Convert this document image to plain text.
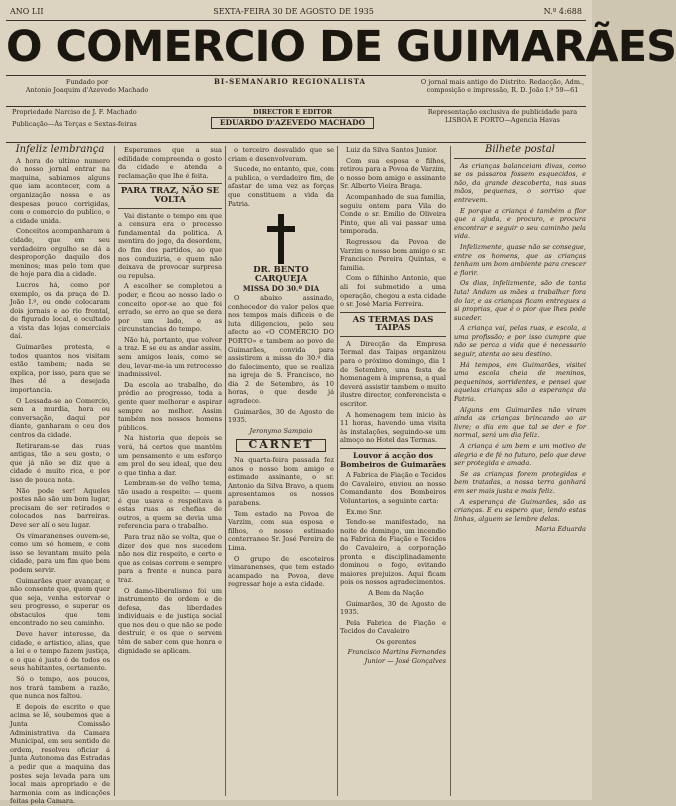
ANO LII	SEXTA-FEIRA 30 DE AGOSTO DE 1935	N.º 4:688
O COMERCIO DE GUIMARÃES
Fundado por
Antonio Joaquim d'Azevedo Machado
BI-SEMANARIO REGIONALISTA	O jornal mais antigo do Distrito. Redacção, Adm., composição e impressão, R. D. João I.º 59—61
Propriedade Narciso de J. F. Machado
Publicação—Às Terças e Sextas-feiras
DIRECTOR E EDITOR
EDUARDO D'AZEVEDO MACHADO
Representação exclusiva de publicidade para LISBOA E PORTO—Agencia Havas
Infeliz lembrança

A hora do ultimo numero do nosso jornal entrar na maquina, sabiamos alguns que iam acontecer, com a organização nossa e as despesas pouco corrigidas, com o comercio do publico, e a cidade unida.

Conceitos acompanharam a cidade, que em seu verdadeiro orgulho se dá a desproporção daquilo dos meninos; mas pelo tom que de hoje para dia a cidade.

Lucros há, como por exemplo, os da praça de D. João I.º, ou onde colocaram dois jornais e ao rio frontal, de figurado local, e ocultado a vista das lojas comerciais daí.

Guimarães protesta, e todos quantos nos visitam estão tambem; nada se explica, por isso, para que se lhes dê a desejada importancia.

O Lessada-se ao Comercio, sem a murdia, hora ou conversação, daqui por diante, ganharam o ceu dos centros da cidade.

Retiraram-se das ruas antigas, tão a seu gosto, o que já não se diz que a cidade é muito rica, e por isso de pouca nota.

Não pode ser! Aqueles postes não são um bom lugar, precisam de ser retirados e colocados nas barreiras. Deve ser alí o seu lugar.

Os vimaranenses ouvem-se, como um só homem, e com isso se levantam muito pela cidade, para um fim que bem podem servir.

Guimarães quer avançar, e não consente que, quem quer que seja, venha estorvar o seu progresso, e superar os obstaculos que tem encontrado no seu caminho.

Deve haver interesse, da cidade, e artistico, alias, que a lei e o tempo fazem justiça, e o que é justo é de todos os seus habitantes, certamente.

Só o tempo, aos poucos, nos trará tambem a razão, que nunca nos faltou.

E depois de escrito o que acima se lê, soubemos que a Junta Comissão Administrativa da Camara Municipal, em seu sentido de ordem, resolveu oficiar á Junta Autonoma das Estradas a pedir que a maquina das postes seja levada para um local mais apropriado e de harmonia com as indicações feitas pela Camara.

Esperamos que a sua edilidade compreenda o gosto da cidade e atenda a reclamação que lhe é feita.

PARA TRAZ, NÃO SE VOLTA

Vai distante o tempo em que a censura era o processo fundamental da politica. A mentira do jogo, da desordem, do fim dos partidos, ao que nos conduziria, e quem não deixava de provocar surpresa ou repulsa.

A escolher se completou a poder, e ficou ao nosso lado o conceito opor-se ao que foi errado, se erro ao que se dera por um lado, e as circunstancias do tempo.

Não há, portanto, que volver a traz. E se eu as andar assim, sem amigos leais, como se deu, levar-me-ia um retrocesso inadmissivel.

Da escola ao trabalho, do prédio ao progresso, toda a gente quer melhorar e aspirar sempre ao melhor. Assim também nos nossos homens públicos.

Na historia que depois se verá, há certos que mantêm um pensamento e um esforço em prol do seu ideal, que deu o que tinha a dar.

Lembram-se do velho tema, tão usado a respeito: — quem é que usava e respeitava a estas ruas as chefias de outros, a quem se devia uma referencia para o trabalho.

Para traz não se volta, que o dizer dos que nos sucedem não nos diz respeito, e certo e que as coisas correm e sempre para a frente e nunca para traz.

O damo-liberalismo foi um instrumento de ordem e de defesa, das liberdades individuais e de justiça social que nos deu o que não se pode destruir, e os que o servem têm de saber com que honra e dignidade se aplicam.

o terceiro desvalido que se criam e desenvolveram.

Sucede, no entanto, que, com a publica, o verdadeiro fim, de afastar de uma vez as forças que constituem a vida da Patria.

DR. BENTO CARQUEJA
MISSA DO 30.º DIA

O abaixo assinado, conhecedor do valor pelos que nos tempos mais dificeis e de luta diligenciou, pelo seu afecto ao «O COMERCIO DO PORTO» e tambem ao povo de Guimarães, convida para assistirem a missa do 30.º dia do falecimento, que se realiza na igreja de S. Francisco, no dia 2 de Setembro, ás 10 horas, o que desde já agradece.

Guimarães, 30 de Agosto de 1935.

Jeronymo Sampaio
CARNET

Na quarta-feira passada fez anos o nosso bom amigo e estimado assinante, o sr. Antonio da Silva Bravo, a quem apresentamos os nossos parabens.

Tem estado na Povoa de Varzim, com sua esposa e filhos, o nosso estimado conterraneo Sr. José Pereira de Lima.

O grupo de escoteiros vimaranenses, que tem estado acampado na Povoa, deve regressar hoje a esta cidade.

Luiz da Silva Santos Junior.

Com sua esposa e filhos, retirou para a Povoa de Varzim, o nosso bom amigo e assinante Sr. Alberto Vieira Braga.

Acompanhado de sua familia, seguiu ontem para Vila do Conde o sr. Emilio de Oliveira Pinto, que ali vai passar uma temporada.

Regressou da Povoa de Varzim o nosso bom amigo o sr. Francisco Pereira Quintas, e familia.

Com o filhinho Antonio, que ali foi submetido a uma operação, chegou a esta cidade o sr. José Maria Ferreira.

AS TERMAS DAS TAIPAS

A Direcção da Empresa Termal das Taipas organizou para o próximo domingo, dia 1 de Setembro, uma festa de homenagem à imprensa, a qual deverá assistir tambem o muito ilustre director, conferencista e escritor.

A homenagem tem inicio às 11 horas, havendo uma visita às instalações, seguindo-se um almoço no Hotel das Termas.

Louvor á acção dos Bombeiros de Guimarães

A Fabrica de Fiação e Tecidos do Cavaleiro, enviou ao nosso Comandante dos Bombeiros Voluntarios, a seguinte carta:

Ex.mo Snr.

Tendo-se manifestado, na noite de domingo, um incendio na Fabrica de Fiação e Tecidos do Cavaleiro, a corporação pronta e disciplinadamente dominou o fogo, evitando maiores prejuizos. Aqui ficam pois os nossos agradecimentos.

A Bem da Nação

Guimarães, 30 de Agosto de 1935.

Pela Fabrica de Fiação e Tecidos do Cavaleiro

Os gerentes

Francisco Martins Fernandes Junior — José Gonçalves
Bilhete postal

As crianças balanceiam divas, como se os pássaros fossem esquecidos, e não, da grande descoberta, nas suas mãos, pequenas, o sorriso que entrevem.

E porque a criança é também a flor que a ajuda, e procuro, e procura encontrar e seguir o seu caminho pela vida.

Infelizmente, quase não se consegue, entre os homens, que as crianças tenham um bom ambiente para crescer e florir.

Os dias, infelizmente, são de tanta luta! Andam as mães a trabalhar fora do lar, e as crianças ficam entregues a si proprias, que é o pior que lhes pode suceder.

A criança vai, pelas ruas, e escola, a uma profissão; e por isso cumpre que não se perca a vida que é necessario seguir, atenta ao seu destino.

Há tempos, em Guimarães, visitei uma escola cheia de meninos, pequeninos, sorridentes, e pensei que aquelas crianças são a esperança da Patria.

Alguns em Guimarães não viram ainda as crianças brincando ao ar livre; o dia em que tal se der e for normal, será um dia feliz.

A criança é um bem e um motivo de alegria e de fé no futuro, pelo que deve ser protegida e amada.

Se as crianças forem protegidas e bem tratadas, a nossa terra ganhará em ser mais justa e mais feliz.

A esperança de Guimarães, são as crianças. E eu espero que, lendo estas linhas, alguem se lembre delas.

Maria Eduarda
